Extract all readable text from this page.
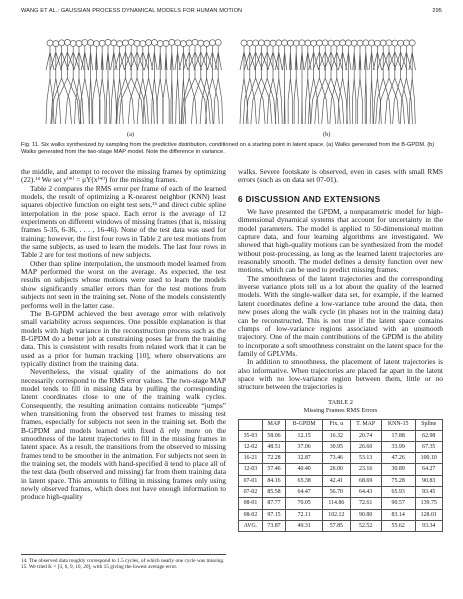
WANG ET AL.: GAUSSIAN PROCESS DYNAMICAL MODELS FOR HUMAN MOTION	295
(a)	(b)
Fig. 11. Six walks synthesized by sampling from the predictive distribution, conditioned on a starting point in latent space. (a) Walks generated from the B-GPDM. (b) Walks generated from the two-stage MAP model. Note the difference in variance.

the middle, and attempt to recover the missing frames by optimizing (22).¹⁴ We set y⁽*⁾ = μY(x⁽*⁾) for the missing frames.

Table 2 compares the RMS error per frame of each of the learned models, the result of optimizing a K-nearest neighbor (KNN) least squares objective function on eight test sets,¹⁵ and direct cubic spline interpolation in the pose space. Each error is the average of 12 experiments on different windows of missing frames (that is, missing frames 5-35, 6-36, . . . , 16-46). None of the test data was used for training; however, the first four rows in Table 2 are test motions from the same subjects, as used to learn the models. The last four rows in Table 2 are for test motions of new subjects.

Other than spline interpolation, the unsmooth model learned from MAP performed the worst on the average. As expected, the test results on subjects whose motions were used to learn the models show significantly smaller errors than for the test motions from subjects not seen in the training set. None of the models consistently performs well in the latter case.

The B-GPDM achieved the best average error with relatively small variability across sequences. One possible explanation is that models with high variance in the reconstruction process such as the B-GPDM do a better job at constraining poses far from the training data. This is consistent with results from related work that it can be used as a prior for human tracking [10], where observations are typically distinct from the training data.

Nevertheless, the visual quality of the animations do not necessarily correspond to the RMS error values. The two-stage MAP model tends to fill in missing data by pulling the corresponding latent coordinates close to one of the training walk cycles. Consequently, the resulting animation contains noticeable “jumps” when transitioning from the observed test frames to missing test frames, especially for subjects not seen in the training set. Both the B-GPDM and models learned with fixed ᾱ rely more on the smoothness of the latent trajectories to fill in the missing frames in latent space. As a result, the transitions from the observed to missing frames tend to be smoother in the animation. For subjects not seen in the training set, the models with hand-specified ᾱ tend to place all of the test data (both observed and missing) far from them training data in latent space. This amounts to filling in missing frames only using newly observed frames, which does not have enough information to produce high-quality

14. The observed data roughly correspond to 1.5 cycles, of which nearly one cycle was missing.

15. We tried K = [3, 6, 9, 10, 20], with 15 giving the lowest average error.

walks. Severe footskate is observed, even in cases with small RMS errors (such as on data set 07-01).

6 DISCUSSION AND EXTENSIONS

We have presented the GPDM, a nonparametric model for high-dimensional dynamical systems that account for uncertainty in the model parameters. The model is applied to 50-dimensional motion capture data, and four learning algorithms are investigated. We showed that high-quality motions can be synthesized from the model without post-processing, as long as the learned latent trajectories are reasonably smooth. The model defines a density function over new motions, which can be used to predict missing frames.

The smoothness of the latent trajectories and the corresponding inverse variance plots tell us a lot about the quality of the learned models. With the single-walker data set, for example, if the learned latent coordinates define a low-variance tube around the data, then new poses along the walk cycle (in phases not in the training data) can be reconstructed. This is not true if the latent space contains clumps of low-variance regions associated with an unsmooth trajectory. One of the main contributions of the GPDM is the ability to incorporate a soft smoothness constraint on the latent space for the family of GPLVMs.

In addition to smoothness, the placement of latent trajectories is also informative. When trajectories are placed far apart in the latent space with no low-variance region between them, little or no structure between the trajectories is

TABLE 2
Missing Frames RMS Errors
	MAP	B-GPDM	Fix. α	T. MAP	KNN-15	Spline
35-03	58.06	12.15	16.32	20.74	17.88	62.98
12-02	48.51	37.06	30.95	26.60	33.99	67.35
16-21	72.28	32.87	73.46	53.13	47.26	100.10
12-03	57.46	40.40	26.00	23.16	30.89	64.27
07-01	84.16	65.38	42.41	68.69	75.28	90.83
07-02	85.58	64.47	56.70	64.43	65.93	93.45
08-01	87.77	70.05	114.86	72.61	90.57	139.75
08-02	97.15	72.11	102.12	90.80	83.14	128.01
AVG.	73.87	49.31	57.85	52.52	55.62	93.34
